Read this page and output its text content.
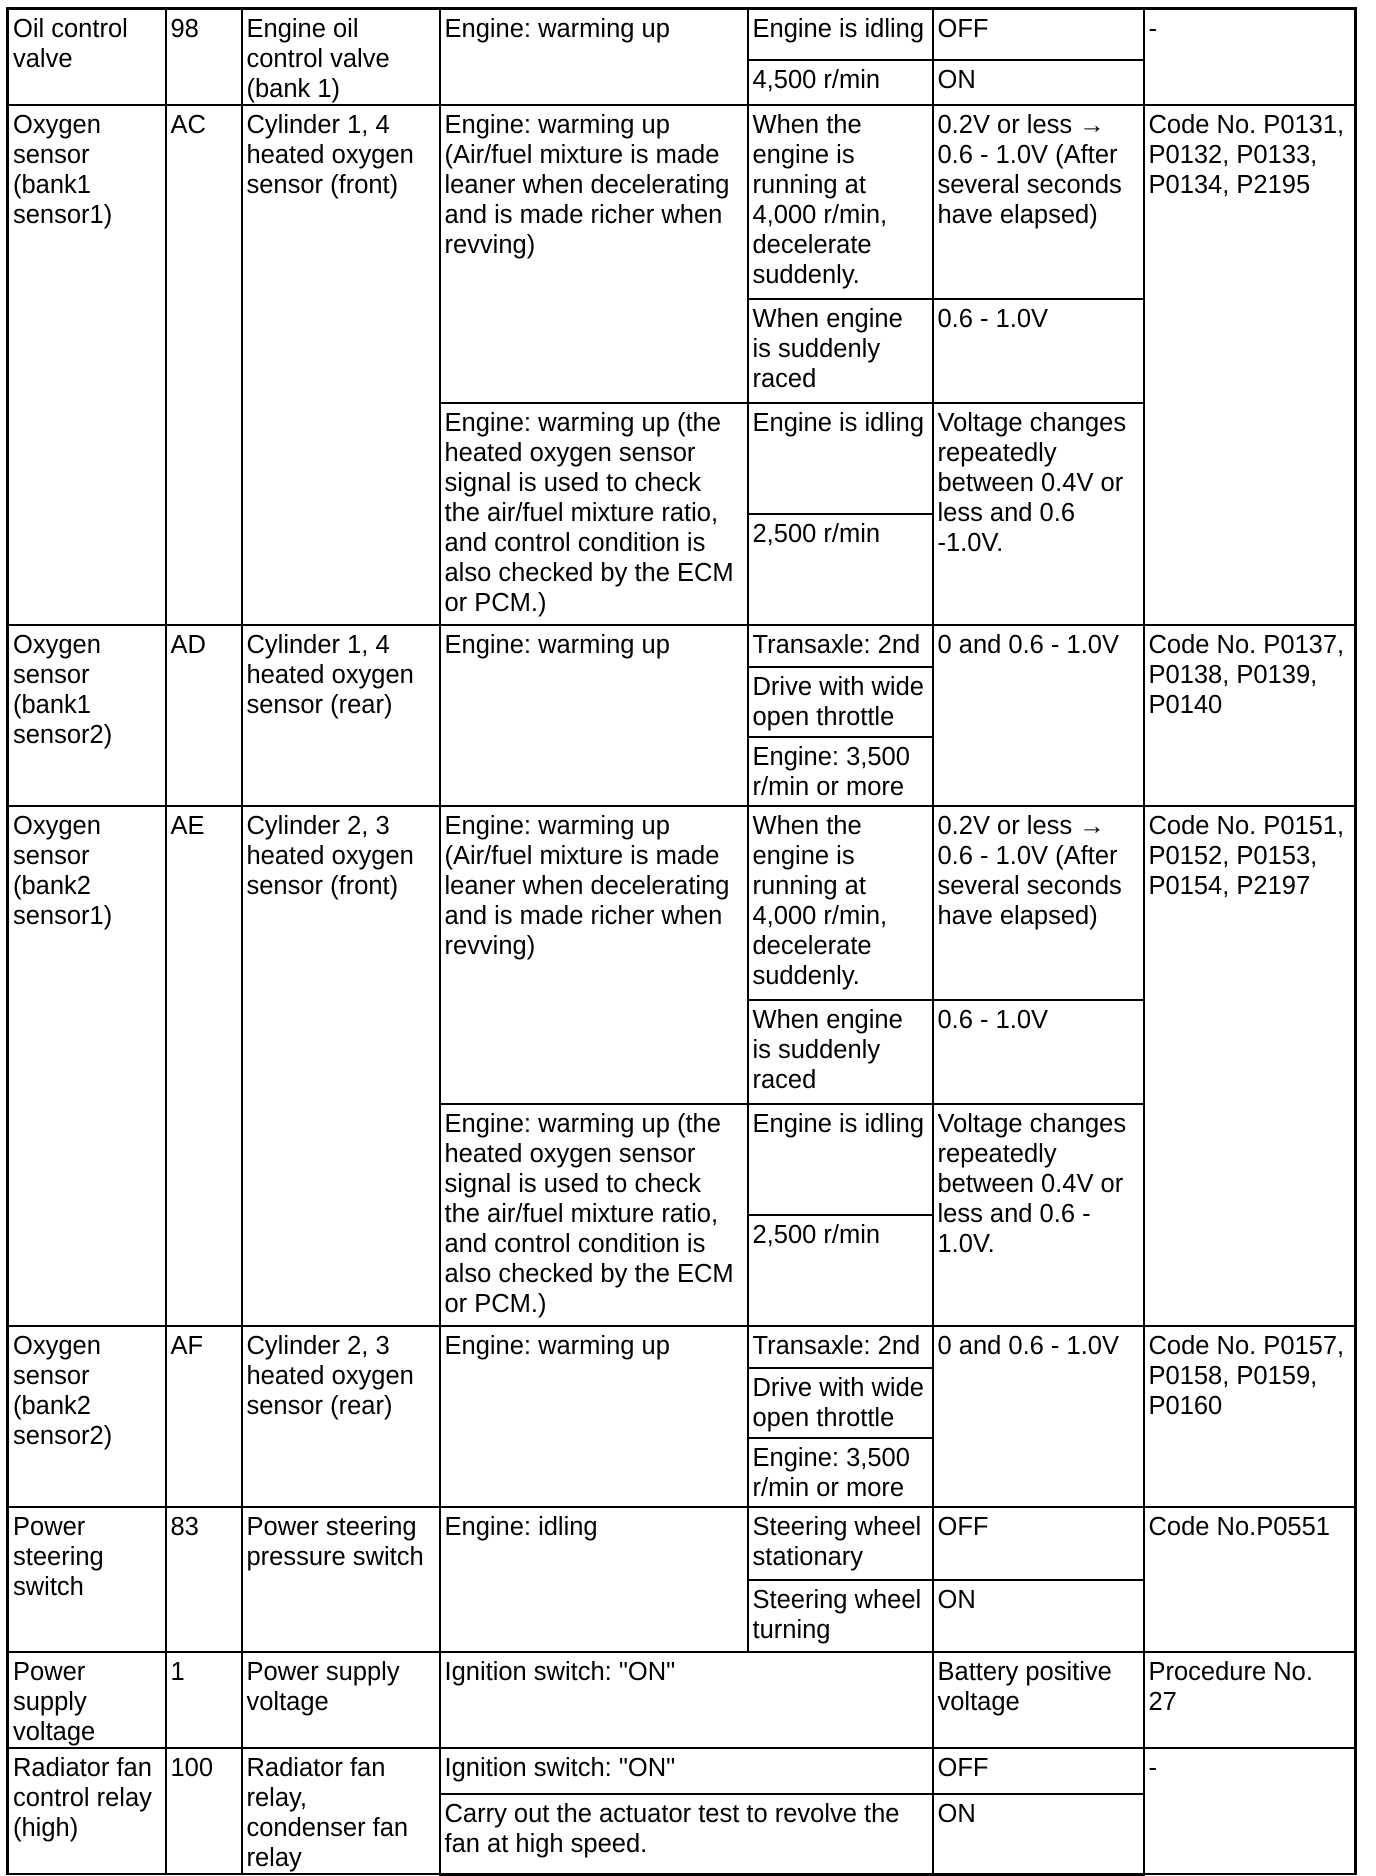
Oil control valve	98	Engine oil control valve (bank 1)	Engine: warming up	Engine is idling	OFF	-
				4,500 r/min	ON	
Oxygen sensor (bank1 sensor1)	AC	Cylinder 1, 4 heated oxygen sensor (front)	Engine: warming up (Air/fuel mixture is made leaner when decelerating and is made richer when revving)	When the engine is running at 4,000 r/min, decelerate suddenly.	0.2V or less → 0.6 - 1.0V (After several seconds have elapsed)	Code No. P0131, P0132, P0133, P0134, P2195
				When engine is suddenly raced	0.6 - 1.0V	
			Engine: warming up (the heated oxygen sensor signal is used to check the air/fuel mixture ratio, and control condition is also checked by the ECM or PCM.)	Engine is idling	Voltage changes repeatedly between 0.4V or less and 0.6 -1.0V.	
				2,500 r/min		
Oxygen sensor (bank1 sensor2)	AD	Cylinder 1, 4 heated oxygen sensor (rear)	Engine: warming up	Transaxle: 2nd	0 and 0.6 - 1.0V	Code No. P0137, P0138, P0139, P0140
				Drive with wide open throttle		
				Engine: 3,500 r/min or more		
Oxygen sensor (bank2 sensor1)	AE	Cylinder 2, 3 heated oxygen sensor (front)	Engine: warming up (Air/fuel mixture is made leaner when decelerating and is made richer when revving)	When the engine is running at 4,000 r/min, decelerate suddenly.	0.2V or less → 0.6 - 1.0V (After several seconds have elapsed)	Code No. P0151, P0152, P0153, P0154, P2197
				When engine is suddenly raced	0.6 - 1.0V	
			Engine: warming up (the heated oxygen sensor signal is used to check the air/fuel mixture ratio, and control condition is also checked by the ECM or PCM.)	Engine is idling	Voltage changes repeatedly between 0.4V or less and 0.6 - 1.0V.	
				2,500 r/min		
Oxygen sensor (bank2 sensor2)	AF	Cylinder 2, 3 heated oxygen sensor (rear)	Engine: warming up	Transaxle: 2nd	0 and 0.6 - 1.0V	Code No. P0157, P0158, P0159, P0160
				Drive with wide open throttle		
				Engine: 3,500 r/min or more		
Power steering switch	83	Power steering pressure switch	Engine: idling	Steering wheel stationary	OFF	Code No.P0551
				Steering wheel turning	ON	
Power supply voltage	1	Power supply voltage	Ignition switch: "ON"		Battery positive voltage	Procedure No. 27
Radiator fan control relay (high)	100	Radiator fan relay, condenser fan relay	Ignition switch: "ON"		OFF	-
			Carry out the actuator test to revolve the fan at high speed.		ON	
